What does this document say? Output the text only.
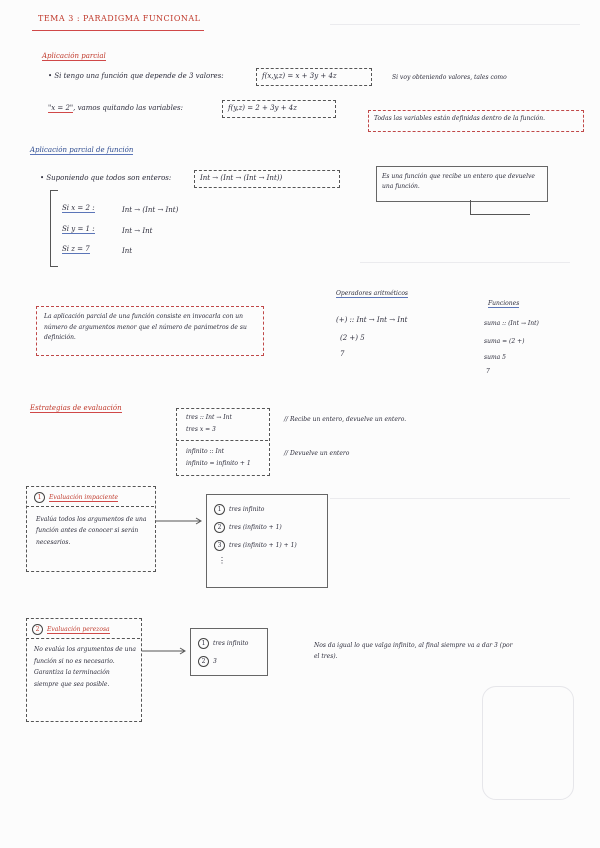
TEMA 3 : PARADIGMA FUNCIONAL
Aplicación parcial
• Si tengo una función que depende de 3 valores:	f(x,y,z) = x + 3y + 4z	Si voy obteniendo valores, tales como
"x = 2", vamos quitando las variables:	f(y,z) = 2 + 3y + 4z
Todas las variables están definidas dentro de la función.
Aplicación parcial de función
• Suponiendo que todos son enteros:	Int → (Int → (Int → Int))	Es una función que recibe un entero que devuelve una función.
Si x = 2 :	Int → (Int → Int)
Si y = 1 :	Int → Int
Si z = 7	Int
La aplicación parcial de una función consiste en invocarla con un número de argumentos menor que el número de parámetros de su definición.
Operadores aritméticos
(+) :: Int → Int → Int
(2 +) 5
7
Funciones
suma :: (Int → Int)
suma = (2 +)
suma 5
7
Estrategias de evaluación
tres :: Int → Int
tres x = 3
infinito :: Int
infinito = infinito + 1
// Recibe un entero, devuelve un entero.
// Devuelve un entero
1 Evaluación impaciente
Evalúa todos los argumentos de una función antes de conocer si serán necesarios.
1 tres infinito
2 tres (infinito + 1)
3 tres (infinito + 1) + 1)
⋮
2 Evaluación perezosa
No evalúa los argumentos de una función si no es necesario. Garantiza la terminación siempre que sea posible.
1 tres infinito
2 3
Nos da igual lo que valga infinito, al final siempre va a dar 3 (por el tres).
